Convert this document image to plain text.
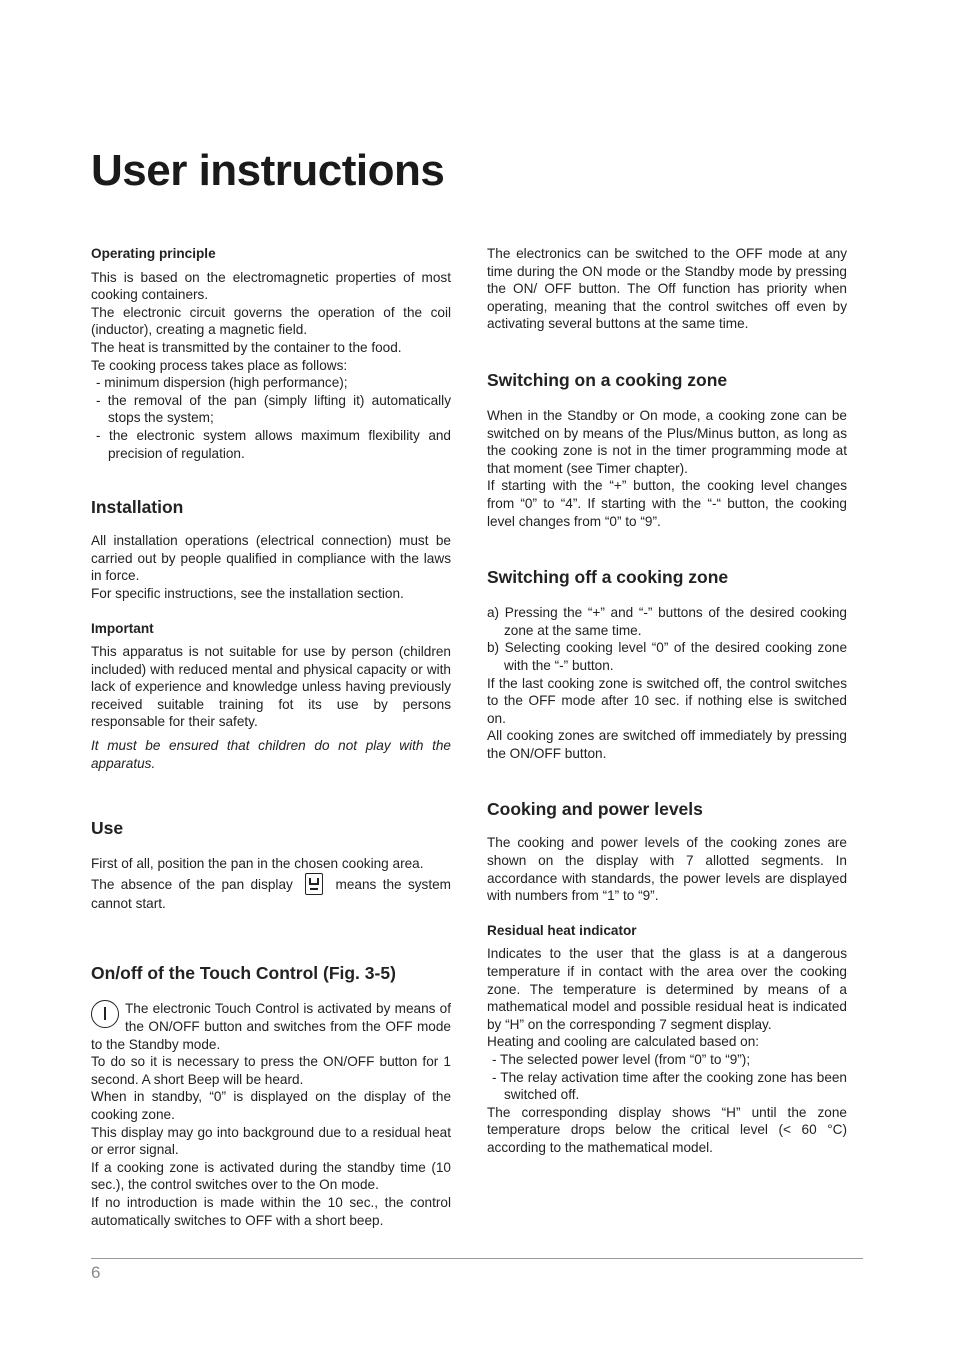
User instructions

Operating principle

This is based on the electromagnetic properties of most cooking containers.

The electronic circuit governs the operation of the coil (inductor), creating a magnetic field.

The heat is transmitted by the container to the food.

Te cooking process takes place as follows:

- minimum dispersion (high performance);

- the removal of the pan (simply lifting it) automatically stops the system;

- the electronic system allows maximum flexibility and precision of regulation.

Installation

All installation operations (electrical connection) must be carried out by people qualified in compliance with the laws in force.

For specific instructions, see the installation section.

Important

This apparatus is not suitable for use by person (children included) with reduced mental and physical capacity or with lack of experience and knowledge unless having previously received suitable training fot its use by persons responsable for their safety.

It must be ensured that children do not play with the apparatus.

Use

First of all, position the pan in the chosen cooking area.

The absence of the pan display	means the system cannot start.

On/off of the Touch Control (Fig. 3-5)

The electronic Touch Control is activated by means of the ON/OFF button and switches from the OFF mode to the Standby mode.

To do so it is necessary to press the ON/OFF button for 1 second. A short Beep will be heard.

When in standby, “0” is displayed on the display of the cooking zone.

This display may go into background due to a residual heat or error signal.

If a cooking zone is activated during the standby time (10 sec.), the control switches over to the On mode.

If no introduction is made within the 10 sec., the control automatically switches to OFF with a short beep.

The electronics can be switched to the OFF mode at any time during the ON mode or the Standby mode by pressing the ON/ OFF button. The Off function has priority when operating, meaning that the control switches off even by activating several buttons at the same time.

Switching on a cooking zone

When in the Standby or On mode, a cooking zone can be switched on by means of the Plus/Minus button, as long as the cooking zone is not in the timer programming mode at that moment (see Timer chapter).

If starting with the “+” button, the cooking level changes from “0” to “4”. If starting with the “-“ button, the cooking level changes from “0” to “9”.

Switching off a cooking zone

a) Pressing the “+” and “-” buttons of the desired cooking zone at the same time.

b) Selecting cooking level “0” of the desired cooking zone with the “-” button.

If the last cooking zone is switched off, the control switches to the OFF mode after 10 sec. if nothing else is switched on.

All cooking zones are switched off immediately by pressing the ON/OFF button.

Cooking and power levels

The cooking and power levels of the cooking zones are shown on the display with 7 allotted segments. In accordance with standards, the power levels are displayed with numbers from “1” to “9”.

Residual heat indicator

Indicates to the user that the glass is at a dangerous temperature if in contact with the area over the cooking zone. The temperature is determined by means of a mathematical model and possible residual heat is indicated by “H” on the corresponding 7 segment display.

Heating and cooling are calculated based on:

- The selected power level (from “0” to “9”);

- The relay activation time after the cooking zone has been switched off.

The corresponding display shows “H” until the zone temperature drops below the critical level (< 60 °C) according to the mathematical model.

6
